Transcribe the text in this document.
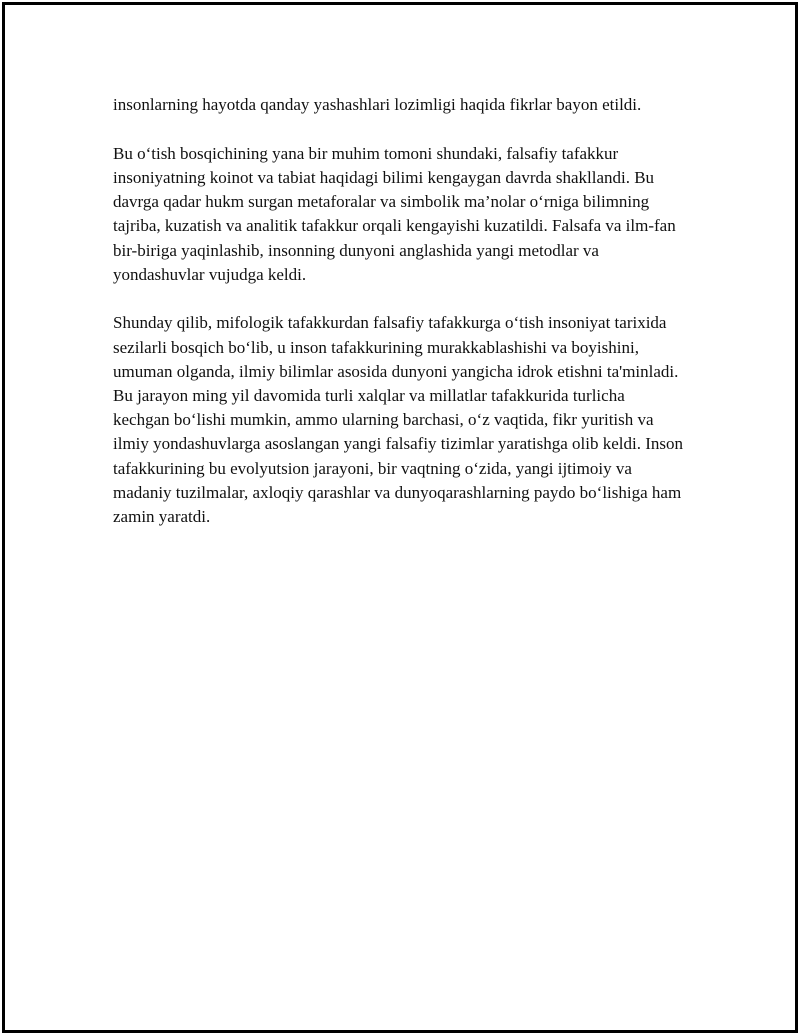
insonlarning hayotda qanday yashashlari lozimligi haqida fikrlar bayon etildi.

Bu o‘tish bosqichining yana bir muhim tomoni shundaki, falsafiy tafakkur insoniyatning koinot va tabiat haqidagi bilimi kengaygan davrda shakllandi. Bu davrga qadar hukm surgan metaforalar va simbolik ma’nolar o‘rniga bilimning tajriba, kuzatish va analitik tafakkur orqali kengayishi kuzatildi. Falsafa va ilm-fan bir-biriga yaqinlashib, insonning dunyoni anglashida yangi metodlar va yondashuvlar vujudga keldi.

Shunday qilib, mifologik tafakkurdan falsafiy tafakkurga o‘tish insoniyat tarixida sezilarli bosqich bo‘lib, u inson tafakkurining murakkablashishi va boyishini, umuman olganda, ilmiy bilimlar asosida dunyoni yangicha idrok etishni ta'minladi. Bu jarayon ming yil davomida turli xalqlar va millatlar tafakkurida turlicha kechgan bo‘lishi mumkin, ammo ularning barchasi, o‘z vaqtida, fikr yuritish va ilmiy yondashuvlarga asoslangan yangi falsafiy tizimlar yaratishga olib keldi. Inson tafakkurining bu evolyutsion jarayoni, bir vaqtning o‘zida, yangi ijtimoiy va madaniy tuzilmalar, axloqiy qarashlar va dunyoqarashlarning paydo bo‘lishiga ham zamin yaratdi.
